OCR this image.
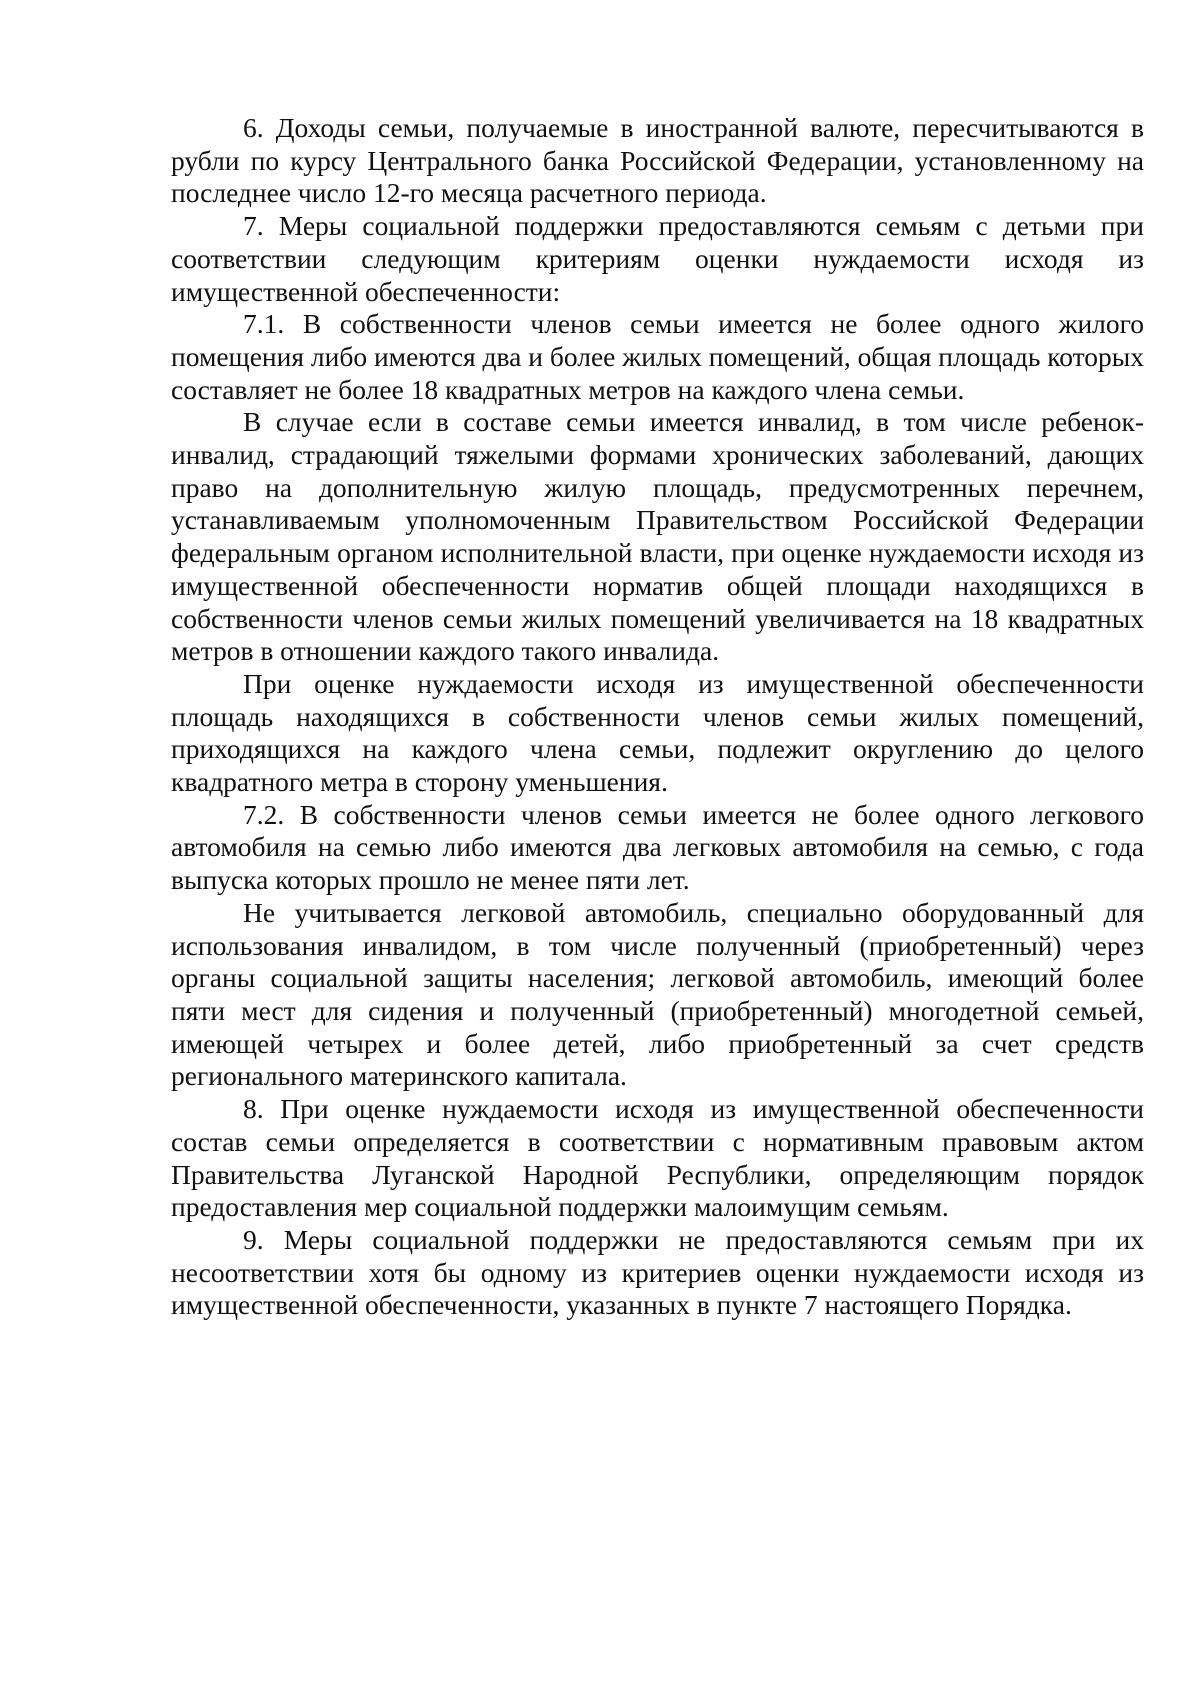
6. Доходы семьи, получаемые в иностранной валюте, пересчитываются в рубли по курсу Центрального банка Российской Федерации, установленному на последнее число 12-го месяца расчетного периода.

7. Меры социальной поддержки предоставляются семьям с детьми при соответствии следующим критериям оценки нуждаемости исходя из имущественной обеспеченности:

7.1. В собственности членов семьи имеется не более одного жилого помещения либо имеются два и более жилых помещений, общая площадь которых составляет не более 18 квадратных метров на каждого члена семьи.

В случае если в составе семьи имеется инвалид, в том числе ребенок-инвалид, страдающий тяжелыми формами хронических заболеваний, дающих право на дополнительную жилую площадь, предусмотренных перечнем, устанавливаемым уполномоченным Правительством Российской Федерации федеральным органом исполнительной власти, при оценке нуждаемости исходя из имущественной обеспеченности норматив общей площади находящихся в собственности членов семьи жилых помещений увеличивается на 18 квадратных метров в отношении каждого такого инвалида.

При оценке нуждаемости исходя из имущественной обеспеченности площадь находящихся в собственности членов семьи жилых помещений, приходящихся на каждого члена семьи, подлежит округлению до целого квадратного метра в сторону уменьшения.

7.2. В собственности членов семьи имеется не более одного легкового автомобиля на семью либо имеются два легковых автомобиля на семью, с года выпуска которых прошло не менее пяти лет.

Не учитывается легковой автомобиль, специально оборудованный для использования инвалидом, в том числе полученный (приобретенный) через органы социальной защиты населения; легковой автомобиль, имеющий более пяти мест для сидения и полученный (приобретенный) многодетной семьей, имеющей четырех и более детей, либо приобретенный за счет средств регионального материнского капитала.

8. При оценке нуждаемости исходя из имущественной обеспеченности состав семьи определяется в соответствии с нормативным правовым актом Правительства Луганской Народной Республики, определяющим порядок предоставления мер социальной поддержки малоимущим семьям.

9. Меры социальной поддержки не предоставляются семьям при их несоответствии хотя бы одному из критериев оценки нуждаемости исходя из имущественной обеспеченности, указанных в пункте 7 настоящего Порядка.
